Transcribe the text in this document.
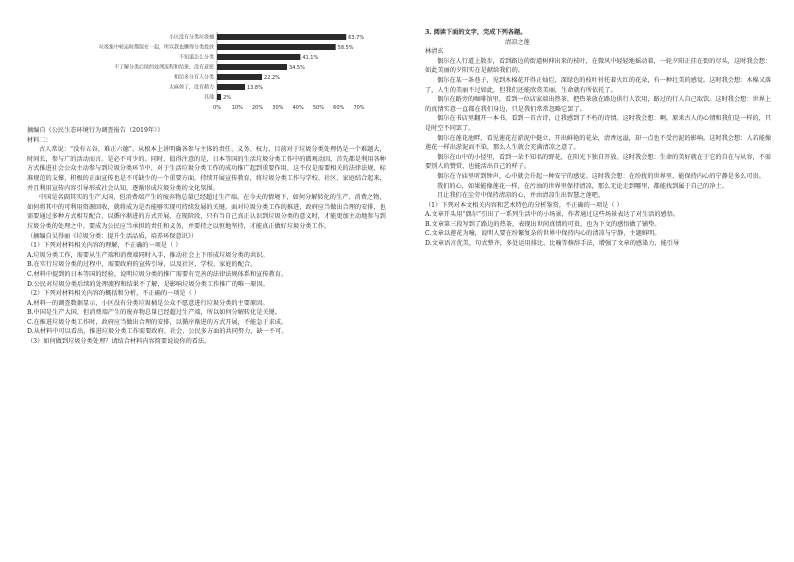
小区没有分类垃圾桶	63.7%
垃圾集中转运时都混在一起，所以我也懒得分类投放	58.5%
不知道怎么分类	41.1%
不了解分类后续的处理流程和结果，没有意愿	34.5%
相信多分有人分类	22.2%
太麻烦了，没有精力	13.8%
其他 2%
0% 10% 20% 30% 40% 50% 60% 70%

摘编自《公民生态环境行为调查报告（2019年）》

材料二：

古人常说：“没有五谷，难正六德”。从根本上讲明确各参与主体的责任、义务、权力，目前对于垃圾分类处理仍是一个难题大，时间长，参与广的活动而言。是必不可少的。同时，值得注意的是，日本等国的生活垃圾分类工作中的微观动因，首先都是利用各种方式推进社会公众主动参与到垃圾分类环节中，对于生活垃圾分类工作的成功推广起到重要作用，这不仅是需要相关的法律法规、标准规范的支撑，积极的正面宣传也是不可缺少的一个重要方面，持续开展宣传教育，将垃圾分类工作与学校、社区、家庭结合起来，并且利用宣传内容引导形成社会认知，逐渐形成垃圾分类的文化氛围。

中国是名副其实的生产大国，但消费端产生的废弃物总量已经超过生产端。在今天的情境下，如何分解转化的生产、消费之物，如何将其中的可利用资源回收，就将成为是否能够实现可持续发展的关键。面对垃圾分类工作的推进，政府应当做出合理的安排，也需要通过多种方式相互配合，以循序渐进的方式开展，在现阶段，只有当自己真正认识到垃圾分类的意义时，才能更加主动地参与到垃圾分类的处理之中。要成为公民应当承担的责任和义务，并要持之以恒地坚持，才能真正做好垃圾分类工作。

（摘编自吴得丽《垃圾分类：提升生活品质，培养环保意识》）

（1）下列对材料相关内容的理解，不正确的一项是（ ）

A.垃圾分类工作，需要从生产端和消费端同时入手，推动社会上下形成垃圾分类的共识。

B.在实行垃圾分类的过程中，需要政府的宣传引导，以及社区、学校、家庭的配合。

C.材料中提到的日本等国的经验，说明垃圾分类的推广需要有完善的法律法规体系和宣传教育。

D.公民对垃圾分类后续的处理流程和结果不了解，是影响垃圾分类工作推广的唯一原因。

（2）下列对材料相关内容的概括和分析，不正确的一项是（ ）

A.材料一的调查数据显示，小区没有分类垃圾桶是公众不愿意进行垃圾分类的主要原因。

B.中国是生产大国，但消费端产生的废弃物总量已经超过生产端，所以如何分解转化是关键。

C.在推进垃圾分类工作时，政府应当做出合理的安排，以循序渐进的方式开展，不能急于求成。

D.从材料中可以看出，推进垃圾分类工作需要政府、社会、公民多方面的共同努力，缺一不可。

（3）如何做到垃圾分类处理？请结合材料内容简要说说你的看法。

3. 阅读下面的文字，完成下列各题。

清凉之莲

林清玄

偶尔在人行道上散步，看到路边的街道树伸出来的枝叶，在微风中轻轻地摇动着，一轮夕阳正挂在街的尽头，这时我会想：如此美丽的夕阳实在是献给我们的。

偶尔在某一条巷子，见到木棉花开得正灿烂，深绿色的枝叶衬托着火红的花朵，有一种壮美的感觉。这时我会想：木棉又落了，人生的美丽不过如此，但我们还能欣赏美丽，生命就有所依托了。

偶尔在路旁的咖啡馆里，看到一位店家端出热茶，把热茶放在路边供行人饮用，路过的行人自己取饮。这时我会想：世界上的真情实意一直都在我们身边，只是我们常常忽略它罢了。

偶尔在书店里翻开一本书，看到一首古诗，让我感到了不朽的诗情。这时我会想：啊，原来古人的心情和我们是一样的，只是时空不同罢了。

偶尔在莲花池畔，看见莲花在淤泥中挺立，开出鲜艳的花朵，清香远溢，却一点也不受污泥的影响。这时我会想：人若能像莲花一样出淤泥而不染，那么人生就会充满清凉之意了。

偶尔在山中的小径里，看到一朵不知名的野花，在阳光下独自开放。这时我会想：生命的美好就在于它的自在与从容，不需要别人的赞赏，也能活出自己的样子。

偶尔在寺庙里听到钟声，心中就会升起一种安宁的感觉。这时我会想：在纷扰的世界里，能保持内心的宁静是多么可贵。

我们的心，如果能像莲花一样，在污浊的世界里保持清凉，那么无论走到哪里，都能找到属于自己的净土。

且让我们在尘劳中保持清凉的心，并由清凉生出智慧之莲吧。

（1）下列对本文相关内容和艺术特色的分析鉴赏，不正确的一项是（ ）

A.文章开头用“偶尔”引出了一系列生活中的小场景，作者通过这些场景表达了对生活的感悟。

B.文章第三段写到了路边的热茶，表现出世间真情的可贵，也为下文的感悟做了铺垫。

C.文章以莲花为喻，说明人要在纷繁复杂的世界中保持内心的清凉与宁静，主题鲜明。

D.文章语言优美，句式整齐，多处运用排比、比喻等修辞手法，增强了文章的感染力，能引导
